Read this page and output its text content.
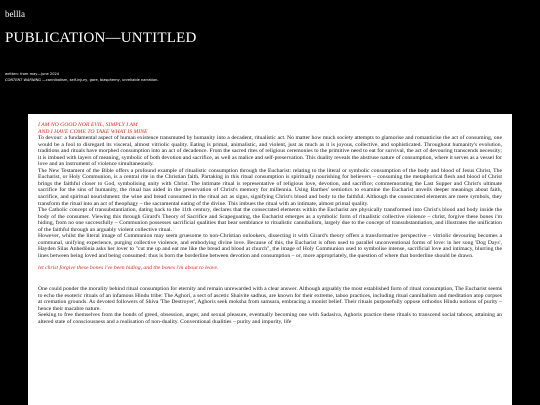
bellla
PUBLICATION—UNTITLED
written: from may—june 2024
CONTENT WARNING —cannibalism, self-injury, gore, blasphemy, unreliable narration.
I AM NO GOOD NOR EVIL, SIMPLY I AM
AND I HAVE COME TO TAKE WHAT IS MINE

To devour: a fundamental aspect of human existence transmuted by humanity into a decadent, ritualistic act. No matter how much society attempts to glamorise and romanticise the act of consuming, one would be a fool to disregard its visceral, almost vitriolic quality. Eating is primal, animalistic, and violent, just as much as it is joyous, collective, and sophisticated. Throughout humanity's evolution, traditions and rituals have morphed consumption into an act of decadence. From the sacred rites of religious ceremonies to the primitive need to eat for survival, the act of devouring transcends necessity; it is imbued with layers of meaning, symbolic of both devotion and sacrifice, as well as malice and self-preservation. This duality reveals the abstruse nature of consumption, where it serves as a vessel for love and an instrument of violence simultaneously.

The New Testament of the Bible offers a profound example of ritualistic consumption through the Eucharist: relating to the literal or symbolic consumption of the body and blood of Jesus Christ, The Eucharist, or Holy Communion, is a central rite in the Christian faith. Partaking in this ritual consumption is spiritually nourishing for believers – consuming the metaphorical flesh and blood of Christ brings the faithful closer to God, symbolising unity with Christ. The intimate ritual is representative of religious love, devotion, and sacrifice; commemorating the Last Supper and Christ's ultimate sacrifice for the sins of humanity, the ritual has aided in the preservation of Christ's memory for millennia. Using Barthes' semiotics to examine the Eucharist unveils deeper meanings about faith, sacrifice, and spiritual nourishment: the wine and bread consumed in the ritual act as signs, signifying Christ's blood and body to the faithful. Although the consecrated elements are mere symbols, they transform the ritual into an act of theophagy – the sacramental eating of the divine. This imbues the ritual with an intimate, almost primal quality.

The Catholic concept of transubstantiation, dating back to the 11th century, declares that the consecrated elements within the Eucharist are physically transformed into Christ's blood and body inside the body of the consumer. Viewing this through Girard's Theory of Sacrifice and Scapegoating, the Eucharist emerges as a symbolic form of ritualistic collective violence – christ, forgive these bones i'm hiding, from no one successfully – Communion possesses sacrificial qualities that bear semblance to ritualistic cannibalism, largely due to the concept of transubstantiation, and illustrates the unification of the faithful through an arguably violent collective ritual.

However, whilst the literal image of Communion may seem gruesome to non-Christian onlookers, dissecting it with Girard's theory offers a transformative perspective – vitriolic devouring becomes a communal, unifying experience, purging collective violence, and embodying divine love. Because of this, the Eucharist is often used to parallel unconventional forms of love: in her song 'Dog Days', Hayden Silas Anhedönia asks her lover to "cut me up and eat me like the bread and blood at church", the image of Holy Communion used to symbolise intense, sacrificial love and intimacy, blurring the lines between being loved and being consumed: thus is born the borderline between devotion and consumption – or, more appropriately, the question of where that borderline should be drawn.

let christ forgive these bones i've been hiding, and the bones i'm about to leave.

One could ponder the morality behind ritual consumption for eternity and remain unrewarded with a clear answer. Although arguably the most established form of ritual consumption, The Eucharist seems to echo the esoteric rituals of an infamous Hindu tribe: The Aghori, a sect of ascetic Shaivite sadhus, are known for their extreme, taboo practices, including ritual cannibalism and meditation atop corpses at cremation grounds. As devoted followers of Shiva 'The Destroyer', Aghoris seek moksha from samsara, embracing a monist belief. Their rituals purposefully oppose orthodox Hindu notions of purity – hence their macabre nature.

Seeking to free themselves from the bonds of greed, obsession, anger, and sexual pleasure, eventually becoming one with Sadasiva, Aghoris practice these rituals to transcend social taboos, attaining an altered state of consciousness and a realisation of non-duality. Conventional dualities – purity and impurity, life
